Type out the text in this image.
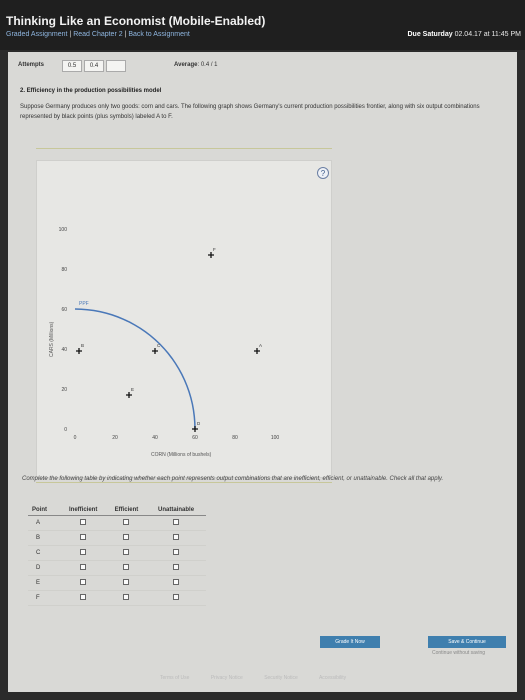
Thinking Like an Economist (Mobile-Enabled)
Graded Assignment | Read Chapter 2 | Back to Assignment	Due Saturday 02.04.17 at 11:45 PM
Attempts	0.5	0.4	Average: 0.4 / 1
2. Efficiency in the production possibilities model
Suppose Germany produces only two goods: corn and cars. The following graph shows Germany's current production possibilities frontier, along with six output combinations represented by black points (plus symbols) labeled A to F.
?
0
20
40
60
80
100
0	20	40	60	80	100
PPF
A
B	C
D
E
F
CARS (Millions)
CORN (Millions of bushels)
Complete the following table by indicating whether each point represents output combinations that are inefficient, efficient, or unattainable. Check all that apply.
Point	Inefficient	Efficient	Unattainable
A			
B			
C			
D			
E			
F			
Grade It Now	Save & Continue
Continue without saving
Terms of Use	Privacy Notice	Security Notice	Accessibility
